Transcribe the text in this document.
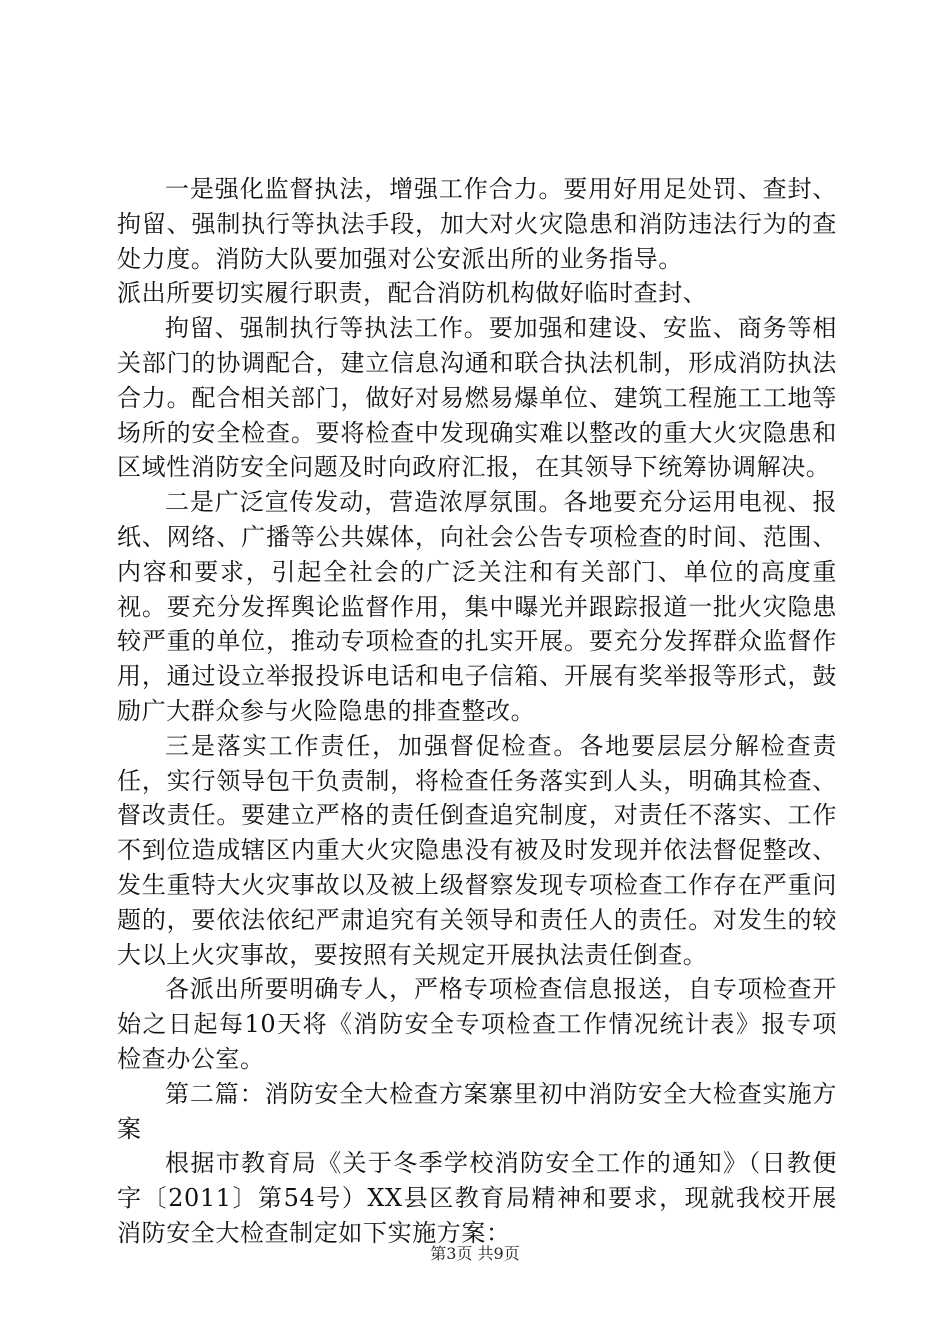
一是强化监督执法，增强工作合力。要用好用足处罚、查封、拘留、强制执行等执法手段，加大对火灾隐患和消防违法行为的查处力度。消防大队要加强对公安派出所的业务指导。

派出所要切实履行职责，配合消防机构做好临时查封、

拘留、强制执行等执法工作。要加强和建设、安监、商务等相关部门的协调配合，建立信息沟通和联合执法机制，形成消防执法合力。配合相关部门，做好对易燃易爆单位、建筑工程施工工地等场所的安全检查。要将检查中发现确实难以整改的重大火灾隐患和区域性消防安全问题及时向政府汇报，在其领导下统筹协调解决。

二是广泛宣传发动，营造浓厚氛围。各地要充分运用电视、报纸、网络、广播等公共媒体，向社会公告专项检查的时间、范围、内容和要求，引起全社会的广泛关注和有关部门、单位的高度重视。要充分发挥舆论监督作用，集中曝光并跟踪报道一批火灾隐患较严重的单位，推动专项检查的扎实开展。要充分发挥群众监督作用，通过设立举报投诉电话和电子信箱、开展有奖举报等形式，鼓励广大群众参与火险隐患的排查整改。

三是落实工作责任，加强督促检查。各地要层层分解检查责任，实行领导包干负责制，将检查任务落实到人头，明确其检查、督改责任。要建立严格的责任倒查追究制度，对责任不落实、工作不到位造成辖区内重大火灾隐患没有被及时发现并依法督促整改、发生重特大火灾事故以及被上级督察发现专项检查工作存在严重问题的，要依法依纪严肃追究有关领导和责任人的责任。对发生的较大以上火灾事故，要按照有关规定开展执法责任倒查。

各派出所要明确专人，严格专项检查信息报送，自专项检查开始之日起每10天将《消防安全专项检查工作情况统计表》报专项检查办公室。

第二篇：消防安全大检查方案寨里初中消防安全大检查实施方案

根据市教育局《关于冬季学校消防安全工作的通知》（日教便字〔2011〕第54号）XX县区教育局精神和要求，现就我校开展消防安全大检查制定如下实施方案：

第3页 共9页
